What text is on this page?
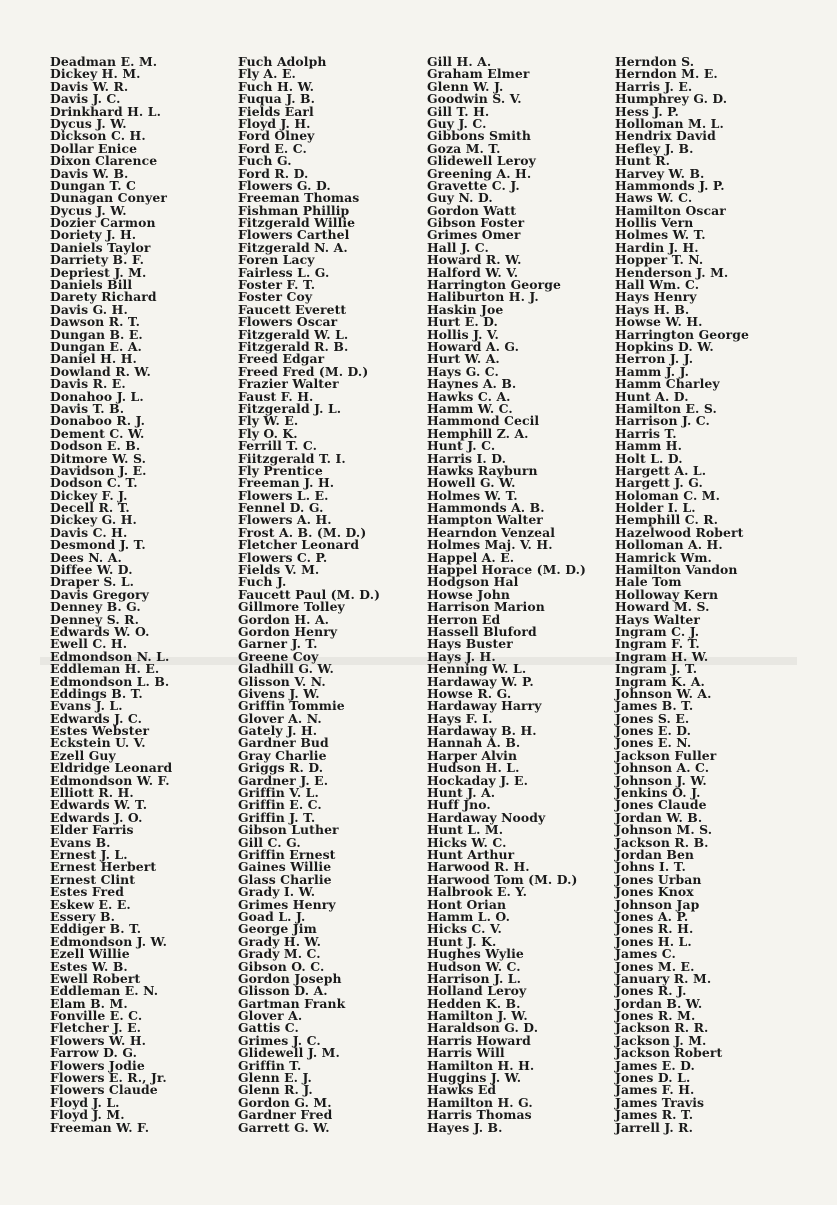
Deadman E. M.
Dickey H. M.
Davis W. R.
Davis J. C.
Drinkhard H. L.
Dycus J. W.
Dickson C. H.
Dollar Enice
Dixon Clarence
Davis W. B.
Dungan T. C
Dunagan Conyer
Dycus J. W.
Dozier Carmon
Doriety J. H.
Daniels Taylor
Darriety B. F.
Depriest J. M.
Daniels Bill
Darety Richard
Davis G. H.
Dawson R. T.
Dungan B. E.
Dungan E. A.
Daniel H. H.
Dowland R. W.
Davis R. E.
Donahoo J. L.
Davis T. B.
Donaboo R. J.
Dement C. W.
Dodson E. B.
Ditmore W. S.
Davidson J. E.
Dodson C. T.
Dickey F. J.
Decell R. T.
Dickey G. H.
Davis C. H.
Desmond J. T.
Dees N. A.
Diffee W. D.
Draper S. L.
Davis Gregory
Denney B. G.
Denney S. R.
Edwards W. O.
Ewell C. H.
Edmondson N. L.
Eddleman H. E.
Edmondson L. B.
Eddings B. T.
Evans J. L.
Edwards J. C.
Estes Webster
Eckstein U. V.
Ezell Guy
Eldridge Leonard
Edmondson W. F.
Elliott R. H.
Edwards W. T.
Edwards J. O.
Elder Farris
Evans B.
Ernest J. L.
Ernest Herbert
Ernest Clint
Estes Fred
Eskew E. E.
Essery B.
Eddiger B. T.
Edmondson J. W.
Ezell Willie
Estes W. B.
Ewell Robert
Eddleman E. N.
Elam B. M.
Fonville E. C.
Fletcher J. E.
Flowers W. H.
Farrow D. G.
Flowers Jodie
Flowers E. R., Jr.
Flowers Claude
Floyd J. L.
Floyd J. M.
Freeman W. F.
Fuch Adolph
Fly A. E.
Fuch H. W.
Fuqua J. B.
Fields Earl
Floyd J. H.
Ford Olney
Ford E. C.
Fuch G.
Ford R. D.
Flowers G. D.
Freeman Thomas
Fishman Phillip
Fitzgerald Willie
Flowers Carthel
Fitzgerald N. A.
Foren Lacy
Fairless L. G.
Foster F. T.
Foster Coy
Faucett Everett
Flowers Oscar
Fitzgerald W. L.
Fitzgerald R. B.
Freed Edgar
Freed Fred (M. D.)
Frazier Walter
Faust F. H.
Fitzgerald J. L.
Fly W. E.
Fly O. K.
Ferrill T. C.
Fiitzgerald T. I.
Fly Prentice
Freeman J. H.
Flowers L. E.
Fennel D. G.
Flowers A. H.
Frost A. B. (M. D.)
Fletcher Leonard
Flowers C. P.
Fields V. M.
Fuch J.
Faucett Paul (M. D.)
Gillmore Tolley
Gordon H. A.
Gordon Henry
Garner J. T.
Greene Coy
Gladhill G. W.
Glisson V. N.
Givens J. W.
Griffin Tommie
Glover A. N.
Gately J. H.
Gardner Bud
Gray Charlie
Griggs R. D.
Gardner J. E.
Griffin V. L.
Griffin E. C.
Griffin J. T.
Gibson Luther
Gill C. G.
Griffin Ernest
Gaines Willie
Glass Charlie
Grady I. W.
Grimes Henry
Goad L. J.
George Jim
Grady H. W.
Grady M. C.
Gibson O. C.
Gordon Joseph
Glisson D. A.
Gartman Frank
Glover A.
Gattis C.
Grimes J. C.
Glidewell J. M.
Griffin T.
Glenn E. J.
Glenn R. J.
Gordon G. M.
Gardner Fred
Garrett G. W.
Gill H. A.
Graham Elmer
Glenn W. J.
Goodwin S. V.
Gill T. H.
Guy J. C.
Gibbons Smith
Goza M. T.
Glidewell Leroy
Greening A. H.
Gravette C. J.
Guy N. D.
Gordon Watt
Gibson Foster
Grimes Omer
Hall J. C.
Howard R. W.
Halford W. V.
Harrington George
Haliburton H. J.
Haskin Joe
Hurt E. D.
Hollis J. V.
Howard A. G.
Hurt W. A.
Hays G. C.
Haynes A. B.
Hawks C. A.
Hamm W. C.
Hammond Cecil
Hemphill Z. A.
Hunt J. C.
Harris I. D.
Hawks Rayburn
Howell G. W.
Holmes W. T.
Hammonds A. B.
Hampton Walter
Hearndon Venzeal
Holmes Maj. V. H.
Happel A. E.
Happel Horace (M. D.)
Hodgson Hal
Howse John
Harrison Marion
Herron Ed
Hassell Bluford
Hays Buster
Hays J. H.
Henning W. L.
Hardaway W. P.
Howse R. G.
Hardaway Harry
Hays F. I.
Hardaway B. H.
Hannah A. B.
Harper Alvin
Hudson H. L.
Hockaday J. E.
Hunt J. A.
Huff Jno.
Hardaway Noody
Hunt L. M.
Hicks W. C.
Hunt Arthur
Harwood R. H.
Harwood Tom (M. D.)
Halbrook E. Y.
Hont Orian
Hamm L. O.
Hicks C. V.
Hunt J. K.
Hughes Wylie
Hudson W. C.
Harrison J. L.
Holland Leroy
Hedden K. B.
Hamilton J. W.
Haraldson G. D.
Harris Howard
Harris Will
Hamilton H. H.
Huggins J. W.
Hawks Ed
Hamilton H. G.
Harris Thomas
Hayes J. B.
Herndon S.
Herndon M. E.
Harris J. E.
Humphrey G. D.
Hess J. P.
Holloman M. L.
Hendrix David
Hefley J. B.
Hunt R.
Harvey W. B.
Hammonds J. P.
Haws W. C.
Hamilton Oscar
Hollis Vern
Holmes W. T.
Hardin J. H.
Hopper T. N.
Henderson J. M.
Hall Wm. C.
Hays Henry
Hays H. B.
Howse W. H.
Harrington George
Hopkins D. W.
Herron J. J.
Hamm J. J.
Hamm Charley
Hunt A. D.
Hamilton E. S.
Harrison J. C.
Harris T.
Hamm H.
Holt L. D.
Hargett A. L.
Hargett J. G.
Holoman C. M.
Holder I. L.
Hemphill C. R.
Hazelwood Robert
Holloman A. H.
Hamrick Wm.
Hamilton Vandon
Hale Tom
Holloway Kern
Howard M. S.
Hays Walter
Ingram C. J.
Ingram F. T.
Ingram H. W.
Ingram J. T.
Ingram K. A.
Johnson W. A.
James B. T.
Jones S. E.
Jones E. D.
Jones E. N.
Jackson Fuller
Johnson A. C.
Johnson J. W.
Jenkins O. J.
Jones Claude
Jordan W. B.
Johnson M. S.
Jackson R. B.
Jordan Ben
Johns I. T.
Jones Urban
Jones Knox
Johnson Jap
Jones A. P.
Jones R. H.
Jones H. L.
James C.
Jones M. E.
January R. M.
Jones R. J.
Jordan B. W.
Jones R. M.
Jackson R. R.
Jackson J. M.
Jackson Robert
James E. D.
Jones D. L.
James F. H.
James Travis
James R. T.
Jarrell J. R.
